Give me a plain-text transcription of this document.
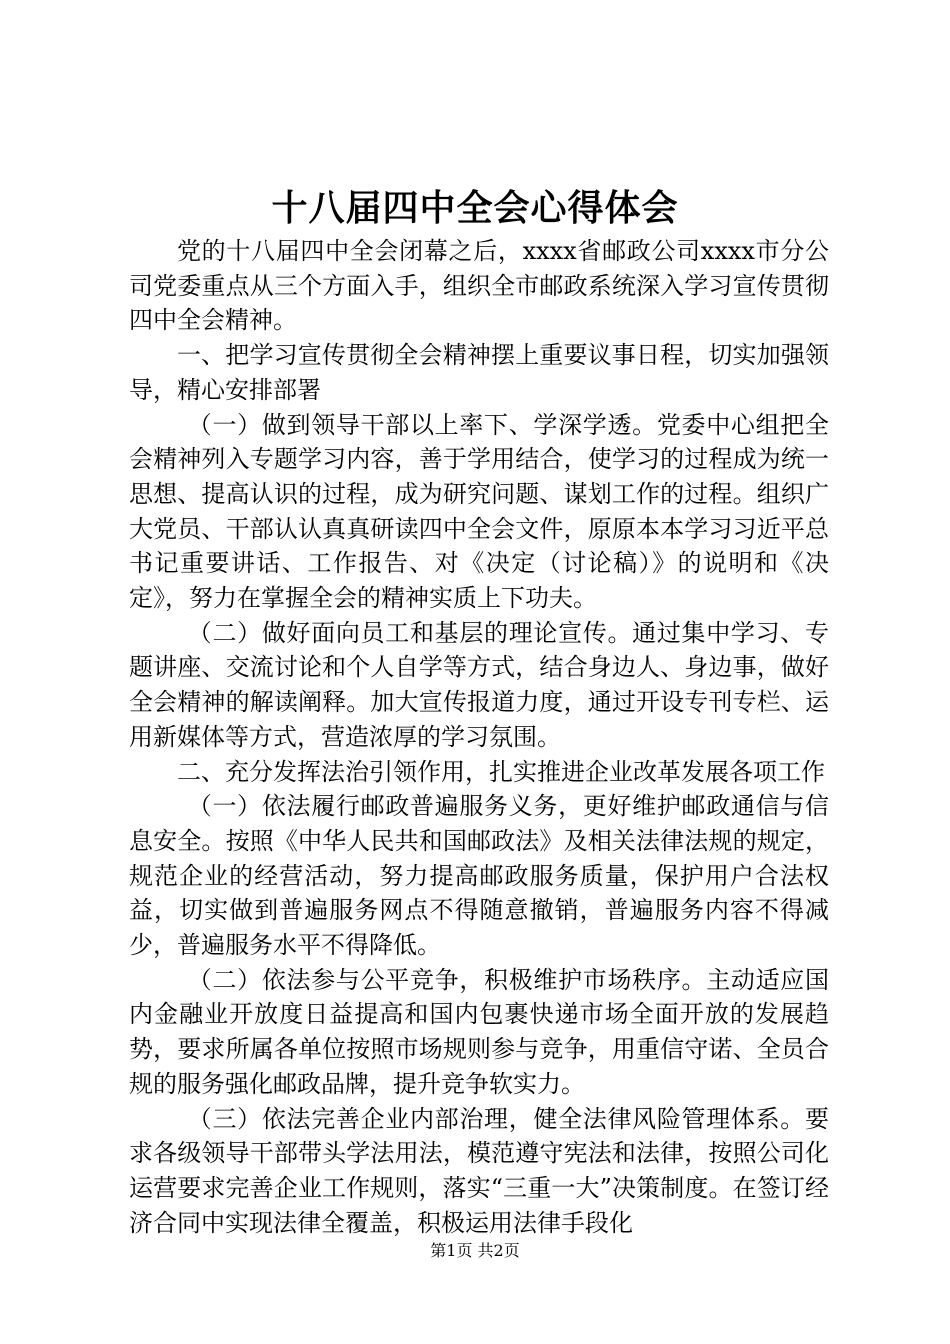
十八届四中全会心得体会

党的十八届四中全会闭幕之后，xxxx省邮政公司xxxx市分公司党委重点从三个方面入手，组织全市邮政系统深入学习宣传贯彻四中全会精神。

一、把学习宣传贯彻全会精神摆上重要议事日程，切实加强领导，精心安排部署

（一）做到领导干部以上率下、学深学透。党委中心组把全会精神列入专题学习内容，善于学用结合，使学习的过程成为统一思想、提高认识的过程，成为研究问题、谋划工作的过程。组织广大党员、干部认认真真研读四中全会文件，原原本本学习习近平总书记重要讲话、工作报告、对《决定（讨论稿）》的说明和《决定》，努力在掌握全会的精神实质上下功夫。

（二）做好面向员工和基层的理论宣传。通过集中学习、专题讲座、交流讨论和个人自学等方式，结合身边人、身边事，做好全会精神的解读阐释。加大宣传报道力度，通过开设专刊专栏、运用新媒体等方式，营造浓厚的学习氛围。

二、充分发挥法治引领作用，扎实推进企业改革发展各项工作

（一）依法履行邮政普遍服务义务，更好维护邮政通信与信息安全。按照《中华人民共和国邮政法》及相关法律法规的规定，规范企业的经营活动，努力提高邮政服务质量，保护用户合法权益，切实做到普遍服务网点不得随意撤销，普遍服务内容不得减少，普遍服务水平不得降低。

（二）依法参与公平竞争，积极维护市场秩序。主动适应国内金融业开放度日益提高和国内包裹快递市场全面开放的发展趋势，要求所属各单位按照市场规则参与竞争，用重信守诺、全员合规的服务强化邮政品牌，提升竞争软实力。

（三）依法完善企业内部治理，健全法律风险管理体系。要求各级领导干部带头学法用法，模范遵守宪法和法律，按照公司化运营要求完善企业工作规则，落实“三重一大”决策制度。在签订经济合同中实现法律全覆盖，积极运用法律手段化

第1页 共2页
